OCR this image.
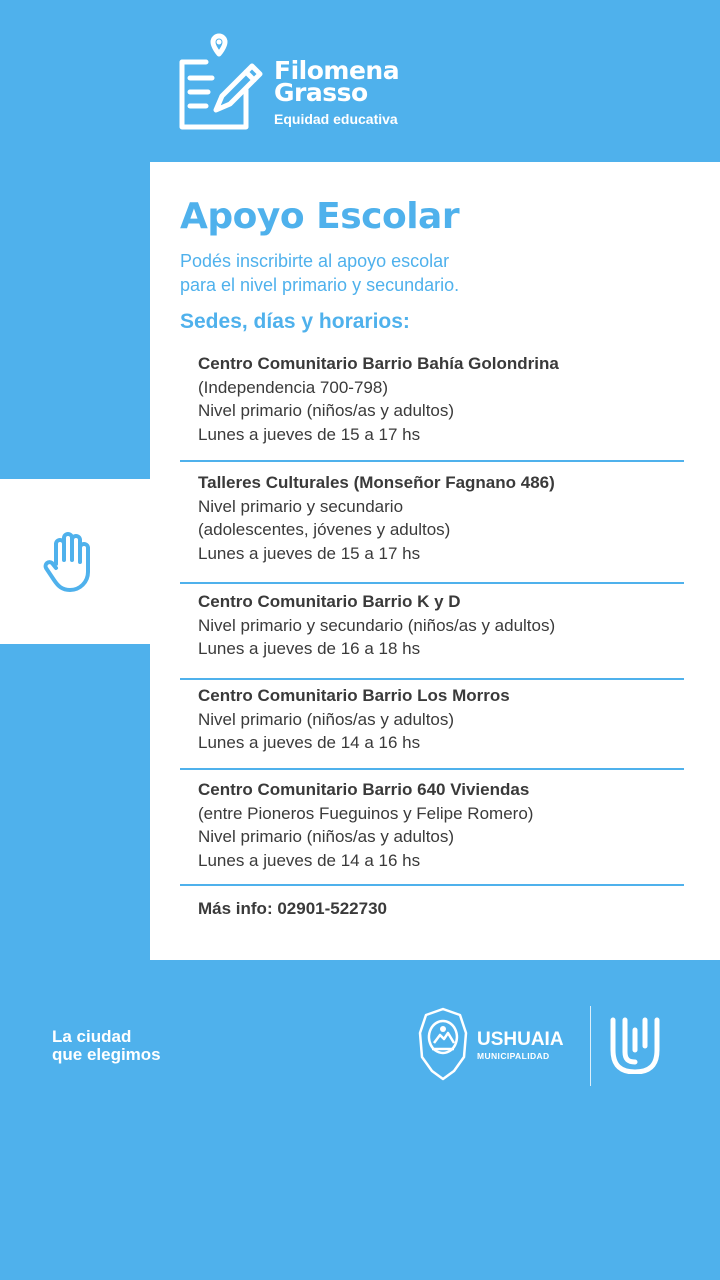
Filomena
Grasso
Equidad educativa
Apoyo Escolar
Podés inscribirte al apoyo escolar
para el nivel primario y secundario.
Sedes, días y horarios:
Centro Comunitario Barrio Bahía Golondrina
(Independencia 700-798)
Nivel primario (niños/as y adultos)
Lunes a jueves de 15 a 17 hs
Talleres Culturales (Monseñor Fagnano 486)
Nivel primario y secundario
(adolescentes, jóvenes y adultos)
Lunes a jueves de 15 a 17 hs
Centro Comunitario Barrio K y D
Nivel primario y secundario (niños/as y adultos)
Lunes a jueves de 16 a 18 hs
Centro Comunitario Barrio Los Morros
Nivel primario (niños/as y adultos)
Lunes a jueves de 14 a 16 hs
Centro Comunitario Barrio 640 Viviendas
(entre Pioneros Fueguinos y Felipe Romero)
Nivel primario (niños/as y adultos)
Lunes a jueves de 14 a 16 hs
Más info: 02901-522730
La ciudad
que elegimos
USHUAIA
MUNICIPALIDAD
